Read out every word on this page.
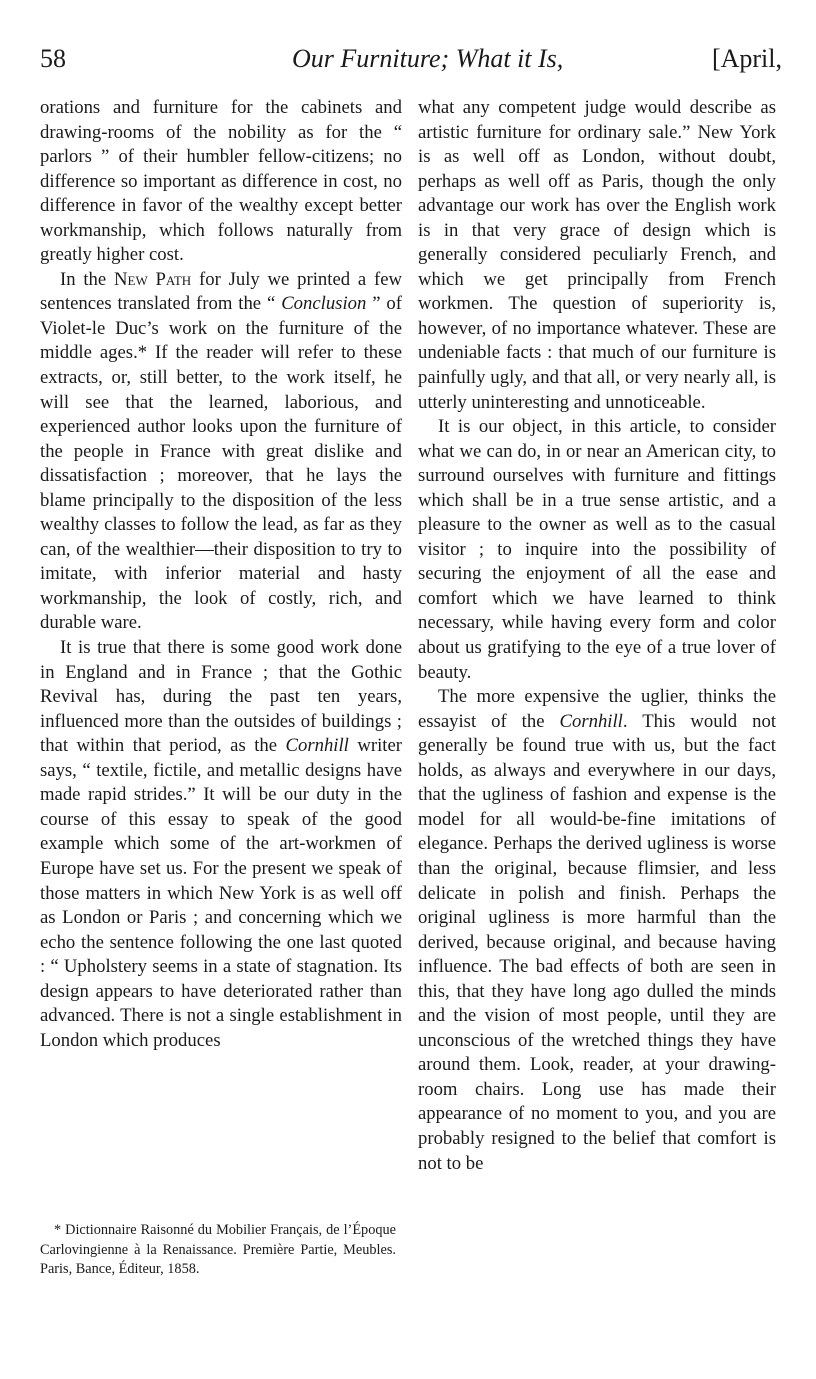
58	Our Furniture; What it Is,	[April,

orations and furniture for the cabinets and drawing-rooms of the nobility as for the “ parlors ” of their humbler fellow-citizens; no difference so important as difference in cost, no difference in favor of the wealthy except better workmanship, which follows naturally from greatly higher cost.

In the New Path for July we printed a few sentences translated from the “ Conclusion ” of Violet-le Duc’s work on the furniture of the middle ages.* If the reader will refer to these extracts, or, still better, to the work itself, he will see that the learned, laborious, and experienced author looks upon the furniture of the people in France with great dislike and dissatisfaction ; moreover, that he lays the blame principally to the disposition of the less wealthy classes to follow the lead, as far as they can, of the wealthier—their disposition to try to imitate, with inferior material and hasty workmanship, the look of costly, rich, and durable ware.

It is true that there is some good work done in England and in France ; that the Gothic Revival has, during the past ten years, influenced more than the outsides of buildings ; that within that period, as the Cornhill writer says, “ textile, fictile, and metallic designs have made rapid strides.” It will be our duty in the course of this essay to speak of the good example which some of the art-workmen of Europe have set us. For the present we speak of those matters in which New York is as well off as London or Paris ; and concerning which we echo the sentence following the one last quoted : “ Upholstery seems in a state of stagnation. Its design appears to have deteriorated rather than advanced. There is not a single establishment in London which produces

what any competent judge would describe as artistic furniture for ordinary sale.” New York is as well off as London, without doubt, perhaps as well off as Paris, though the only advantage our work has over the English work is in that very grace of design which is generally considered peculiarly French, and which we get principally from French workmen. The question of superiority is, however, of no importance whatever. These are undeniable facts : that much of our furniture is painfully ugly, and that all, or very nearly all, is utterly uninteresting and unnoticeable.

It is our object, in this article, to consider what we can do, in or near an American city, to surround ourselves with furniture and fittings which shall be in a true sense artistic, and a pleasure to the owner as well as to the casual visitor ; to inquire into the possibility of securing the enjoyment of all the ease and comfort which we have learned to think necessary, while having every form and color about us gratifying to the eye of a true lover of beauty.

The more expensive the uglier, thinks the essayist of the Cornhill. This would not generally be found true with us, but the fact holds, as always and everywhere in our days, that the ugliness of fashion and expense is the model for all would-be-fine imitations of elegance. Perhaps the derived ugliness is worse than the original, because flimsier, and less delicate in polish and finish. Perhaps the original ugliness is more harmful than the derived, because original, and because having influence. The bad effects of both are seen in this, that they have long ago dulled the minds and the vision of most people, until they are unconscious of the wretched things they have around them. Look, reader, at your drawing-room chairs. Long use has made their appearance of no moment to you, and you are probably resigned to the belief that comfort is not to be

* Dictionnaire Raisonné du Mobilier Français, de l’Époque Carlovingienne à la Renaissance. Première Partie, Meubles. Paris, Bance, Éditeur, 1858.
